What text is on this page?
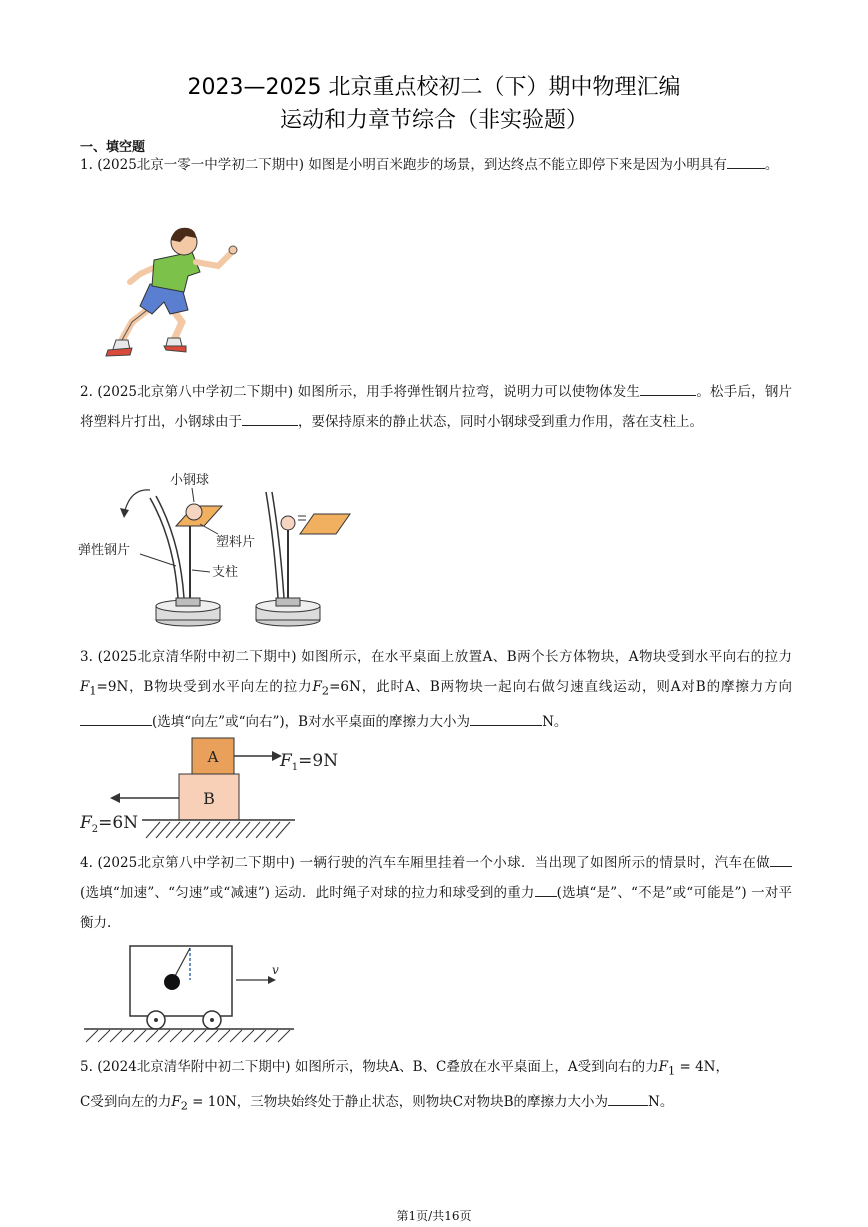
2023—2025 北京重点校初二（下）期中物理汇编
运动和力章节综合（非实验题）
一、填空题
1. (2025北京一零一中学初二下期中) 如图是小明百米跑步的场景，到达终点不能立即停下来是因为小明具有	。
2. (2025北京第八中学初二下期中) 如图所示，用手将弹性钢片拉弯，说明力可以使物体发生	。松手后，钢片将塑料片打出，小钢球由于	，要保持原来的静止状态，同时小钢球受到重力作用，落在支柱上。
小钢球
塑料片
弹性钢片
支柱
3. (2025北京清华附中初二下期中) 如图所示，在水平桌面上放置A、B两个长方体物块，A物块受到水平向右的拉力$F_1=9N$，B物块受到水平向左的拉力$F_2=6N$，此时A、B两物块一起向右做匀速直线运动，则A对B的摩擦力方向(选填“向左”或“向右”)，B对水平桌面的摩擦力大小为	N。
A
B
$F_1=9N$
$F_2=6N$
4. (2025北京第八中学初二下期中) 一辆行驶的汽车车厢里挂着一个小球．当出现了如图所示的情景时，汽车在做(选填“加速”、“匀速”或“减速”) 运动．此时绳子对球的拉力和球受到的重力 (选填“是”、“不是”或“可能是”) 一对平衡力.
v
5. (2024北京清华附中初二下期中) 如图所示，物块A、B、C叠放在水平桌面上，A受到向右的力$F_1 = 4N$，
C受到向左的力$F_2 = 10N$，三物块始终处于静止状态，则物块C对物块B的摩擦力大小为	N。
第1页/共16页
